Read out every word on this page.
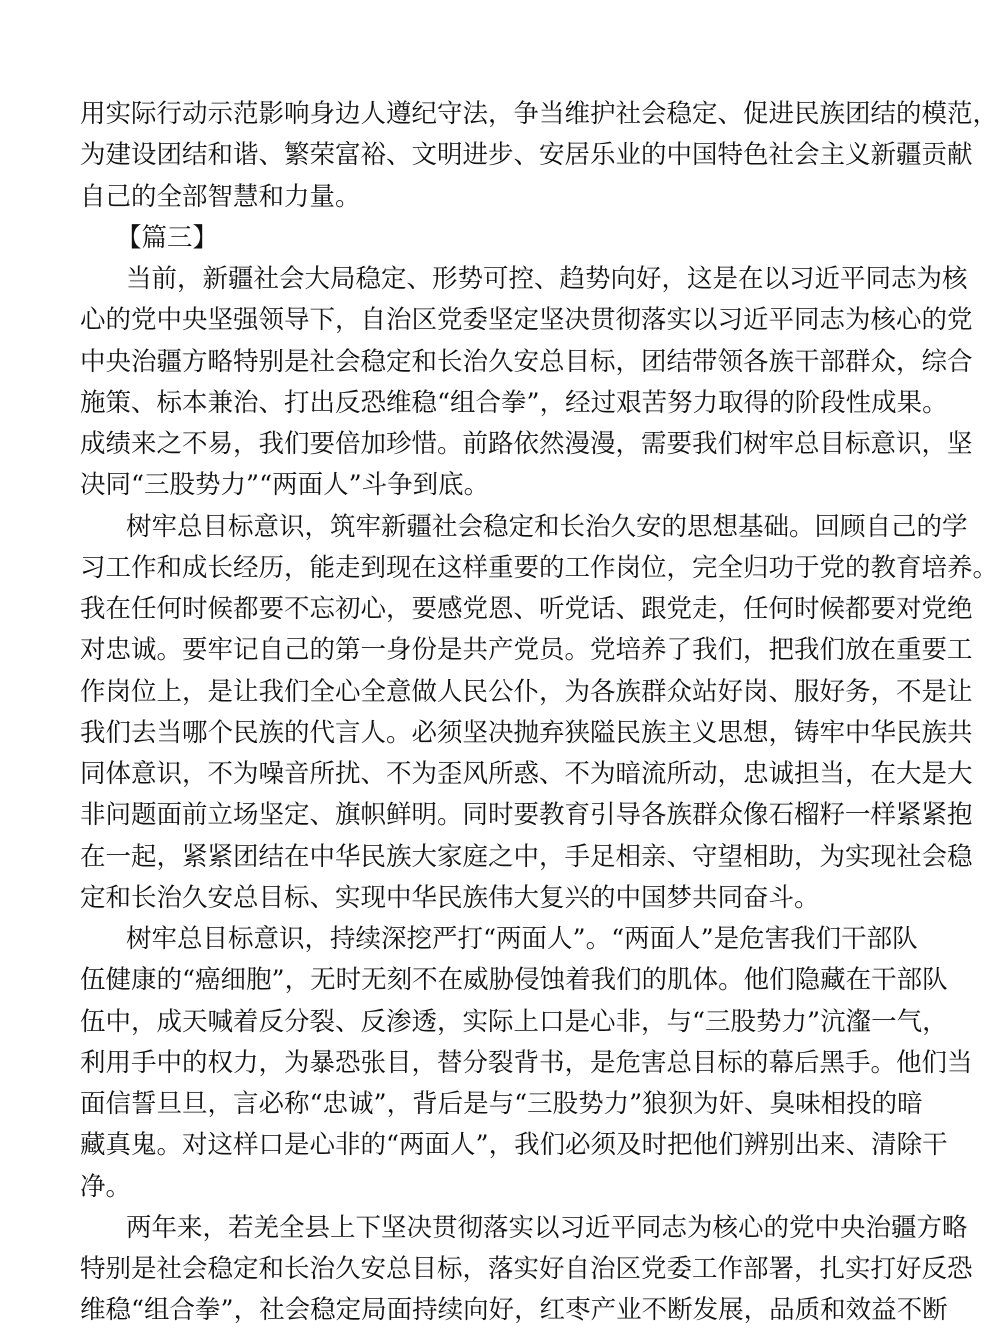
用实际行动示范影响身边人遵纪守法，争当维护社会稳定、促进民族团结的模范，
为建设团结和谐、繁荣富裕、文明进步、安居乐业的中国特色社会主义新疆贡献
自己的全部智慧和力量。
【篇三】
当前，新疆社会大局稳定、形势可控、趋势向好，这是在以习近平同志为核
心的党中央坚强领导下，自治区党委坚定坚决贯彻落实以习近平同志为核心的党
中央治疆方略特别是社会稳定和长治久安总目标，团结带领各族干部群众，综合
施策、标本兼治、打出反恐维稳“组合拳”，经过艰苦努力取得的阶段性成果。
成绩来之不易，我们要倍加珍惜。前路依然漫漫，需要我们树牢总目标意识，坚
决同“三股势力”“两面人”斗争到底。
树牢总目标意识，筑牢新疆社会稳定和长治久安的思想基础。回顾自己的学
习工作和成长经历，能走到现在这样重要的工作岗位，完全归功于党的教育培养。
我在任何时候都要不忘初心，要感党恩、听党话、跟党走，任何时候都要对党绝
对忠诚。要牢记自己的第一身份是共产党员。党培养了我们，把我们放在重要工
作岗位上，是让我们全心全意做人民公仆，为各族群众站好岗、服好务，不是让
我们去当哪个民族的代言人。必须坚决抛弃狭隘民族主义思想，铸牢中华民族共
同体意识，不为噪音所扰、不为歪风所惑、不为暗流所动，忠诚担当，在大是大
非问题面前立场坚定、旗帜鲜明。同时要教育引导各族群众像石榴籽一样紧紧抱
在一起，紧紧团结在中华民族大家庭之中，手足相亲、守望相助，为实现社会稳
定和长治久安总目标、实现中华民族伟大复兴的中国梦共同奋斗。
树牢总目标意识，持续深挖严打“两面人”。“两面人”是危害我们干部队
伍健康的“癌细胞”，无时无刻不在威胁侵蚀着我们的肌体。他们隐藏在干部队
伍中，成天喊着反分裂、反渗透，实际上口是心非，与“三股势力”沆瀣一气，
利用手中的权力，为暴恐张目，替分裂背书，是危害总目标的幕后黑手。他们当
面信誓旦旦，言必称“忠诚”，背后是与“三股势力”狼狈为奸、臭味相投的暗
藏真鬼。对这样口是心非的“两面人”，我们必须及时把他们辨别出来、清除干
净。
两年来，若羌全县上下坚决贯彻落实以习近平同志为核心的党中央治疆方略
特别是社会稳定和长治久安总目标，落实好自治区党委工作部署，扎实打好反恐
维稳“组合拳”，社会稳定局面持续向好，红枣产业不断发展，品质和效益不断
